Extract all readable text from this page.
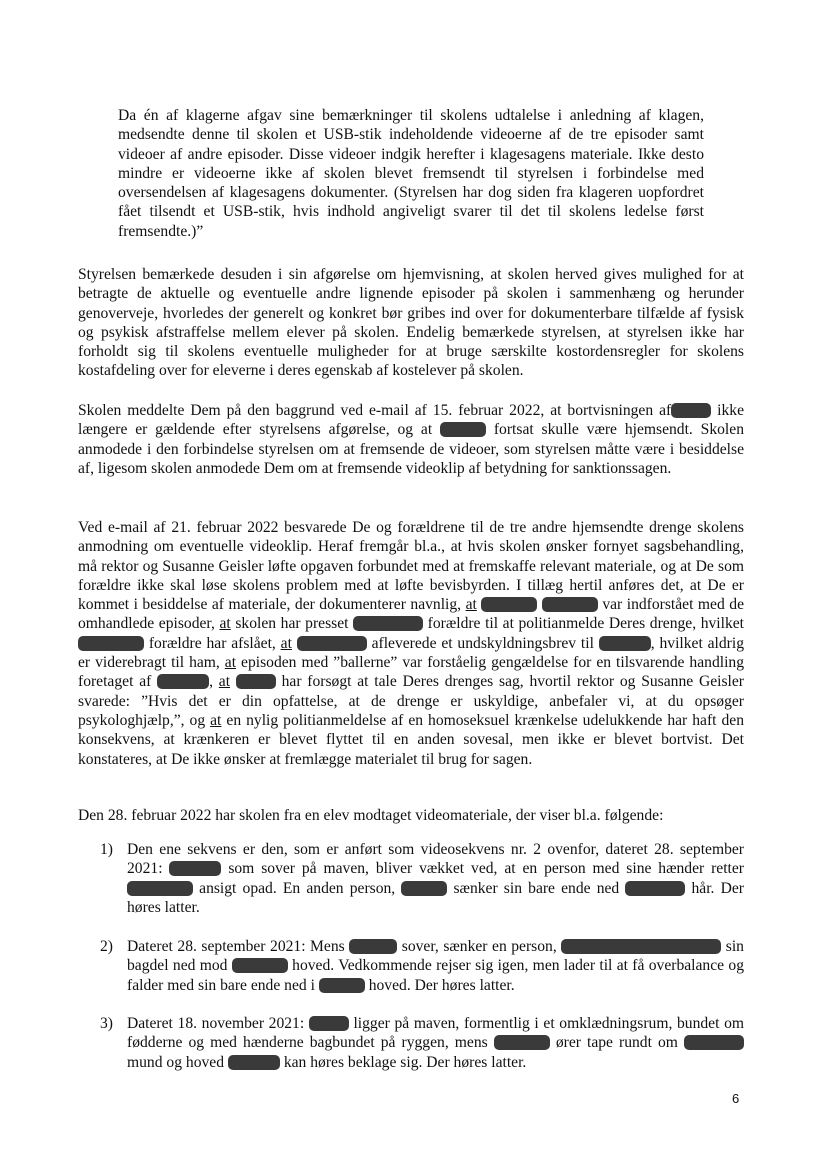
Da én af klagerne afgav sine bemærkninger til skolens udtalelse i anledning af klagen, medsendte denne til skolen et USB-stik indeholdende videoerne af de tre episoder samt videoer af andre episoder. Disse videoer indgik herefter i klagesagens materiale. Ikke desto mindre er videoerne ikke af skolen blevet fremsendt til styrelsen i forbindelse med oversendelsen af klagesagens dokumenter. (Styrelsen har dog siden fra klageren uopfordret fået tilsendt et USB-stik, hvis indhold angiveligt svarer til det til skolens ledelse først fremsendte.)”

Styrelsen bemærkede desuden i sin afgørelse om hjemvisning, at skolen herved gives mulighed for at betragte de aktuelle og eventuelle andre lignende episoder på skolen i sammenhæng og herunder genoverveje, hvorledes der generelt og konkret bør gribes ind over for dokumenterbare tilfælde af fysisk og psykisk afstraffelse mellem elever på skolen. Endelig bemærkede styrelsen, at styrelsen ikke har forholdt sig til skolens eventuelle muligheder for at bruge særskilte kostordensregler for skolens kostafdeling over for eleverne i deres egenskab af kostelever på skolen.

Skolen meddelte Dem på den baggrund ved e-mail af 15. februar 2022, at bortvisningen af	ikke længere er gældende efter styrelsens afgørelse, og at	fortsat skulle være hjemsendt. Skolen anmodede i den forbindelse styrelsen om at fremsende de videoer, som styrelsen måtte være i besiddelse af, ligesom skolen anmodede Dem om at fremsende videoklip af betydning for sanktionssagen.

Ved e-mail af 21. februar 2022 besvarede De og forældrene til de tre andre hjemsendte drenge skolens anmodning om eventuelle videoklip. Heraf fremgår bl.a., at hvis skolen ønsker fornyet sagsbehandling, må rektor og Susanne Geisler løfte opgaven forbundet med at fremskaffe relevant materiale, og at De som forældre ikke skal løse skolens problem med at løfte bevisbyrden. I tillæg hertil anføres det, at De er kommet i besiddelse af materiale, der dokumenterer navnlig, at	var indforstået med de omhandlede episoder, at skolen har presset	forældre til at politianmelde Deres drenge, hvilket  forældre har afslået, at	afleverede et undskyldningsbrev til	, hvilket aldrig er viderebragt til ham, at episoden med ”ballerne” var forståelig gengældelse for en tilsvarende handling foretaget af	, at	har forsøgt at tale Deres drenges sag, hvortil rektor og Susanne Geisler svarede: ”Hvis det er din opfattelse, at de drenge er uskyldige, anbefaler vi, at du opsøger psykologhjælp,”, og at en nylig politianmeldelse af en homoseksuel krænkelse udelukkende har haft den konsekvens, at krænkeren er blevet flyttet til en anden sovesal, men ikke er blevet bortvist. Det konstateres, at De ikke ønsker at fremlægge materialet til brug for sagen.

Den 28. februar 2022 har skolen fra en elev modtaget videomateriale, der viser bl.a. følgende:

1) Den ene sekvens er den, som er anført som videosekvens nr. 2 ovenfor, dateret 28. september 2021:	som sover på maven, bliver vækket ved, at en person med sine hænder retter  ansigt opad. En anden person,	sænker sin bare ende ned	hår. Der høres latter.

2) Dateret 28. september 2021: Mens	sover, sænker en person,	sin bagdel ned mod	hoved. Vedkommende rejser sig igen, men lader til at få overbalance og falder med sin bare ende ned i	hoved. Der høres latter.

3) Dateret 18. november 2021:	ligger på maven, formentlig i et omklædningsrum, bundet om fødderne og med hænderne bagbundet på ryggen, mens	ører tape rundt om  mund og hoved	kan høres beklage sig. Der høres latter.

6
